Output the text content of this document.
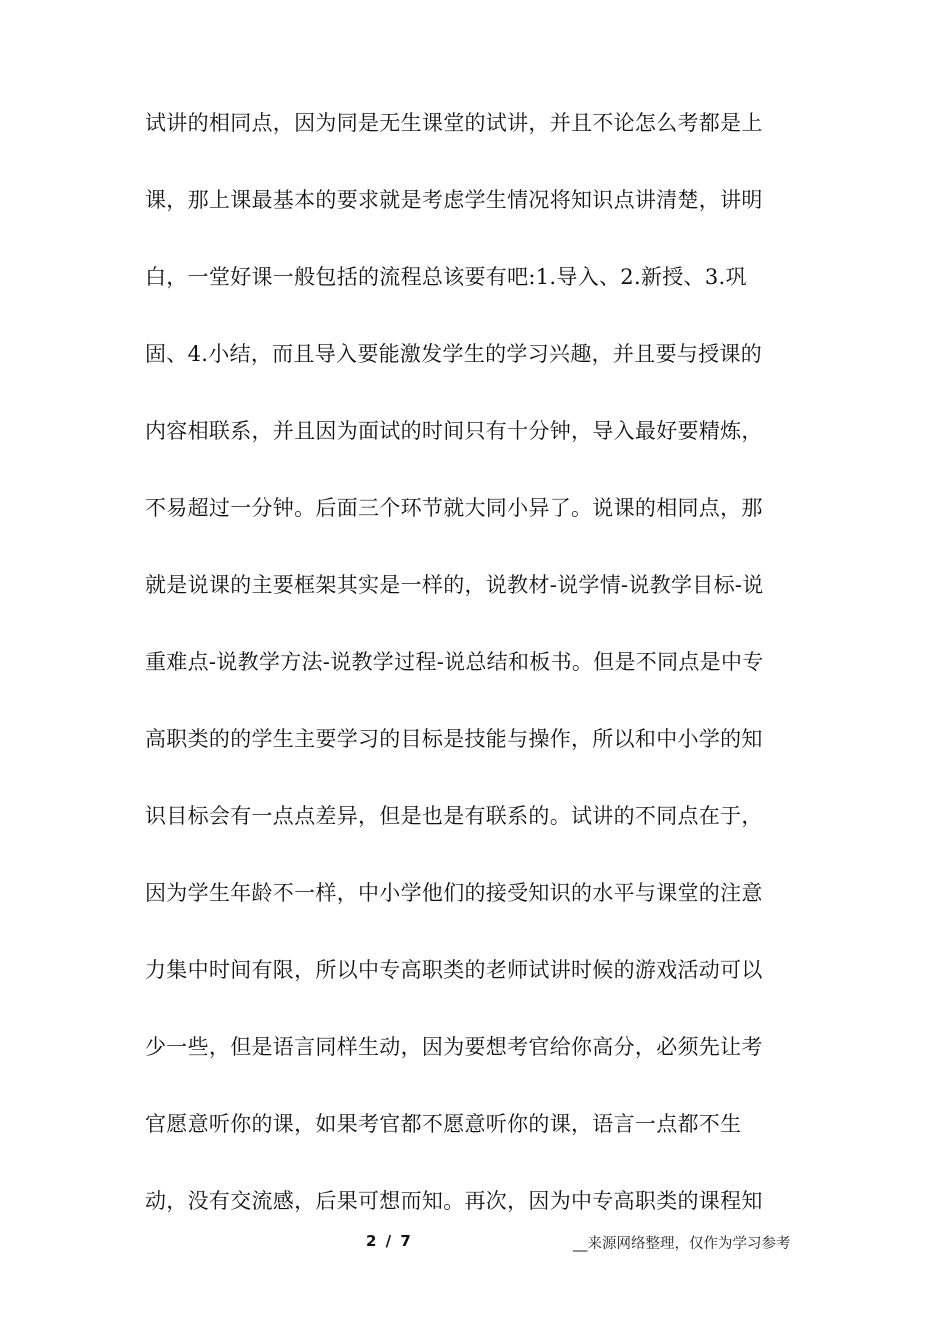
试讲的相同点，因为同是无生课堂的试讲，并且不论怎么考都是上

课，那上课最基本的要求就是考虑学生情况将知识点讲清楚，讲明

白，一堂好课一般包括的流程总该要有吧:1.导入、2.新授、3.巩

固、4.小结，而且导入要能激发学生的学习兴趣，并且要与授课的

内容相联系，并且因为面试的时间只有十分钟，导入最好要精炼，

不易超过一分钟。后面三个环节就大同小异了。说课的相同点，那

就是说课的主要框架其实是一样的，说教材-说学情-说教学目标-说

重难点-说教学方法-说教学过程-说总结和板书。但是不同点是中专

高职类的的学生主要学习的目标是技能与操作，所以和中小学的知

识目标会有一点点差异，但是也是有联系的。试讲的不同点在于，

因为学生年龄不一样，中小学他们的接受知识的水平与课堂的注意

力集中时间有限，所以中专高职类的老师试讲时候的游戏活动可以

少一些，但是语言同样生动，因为要想考官给你高分，必须先让考

官愿意听你的课，如果考官都不愿意听你的课，语言一点都不生

动，没有交流感，后果可想而知。再次，因为中专高职类的课程知

2 / 7	__来源网络整理，仅作为学习参考
